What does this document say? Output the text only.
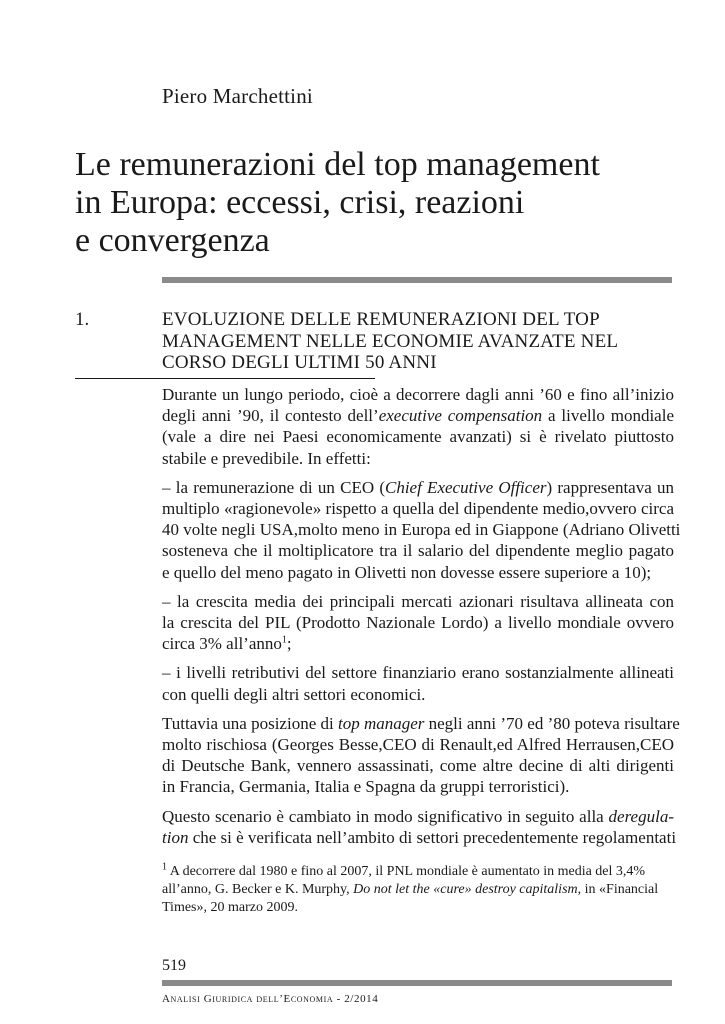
Piero Marchettini
Le remunerazioni del top management
in Europa: eccessi, crisi, reazioni
e convergenza
1.	EVOLUZIONE DELLE REMUNERAZIONI DEL TOP
MANAGEMENT NELLE ECONOMIE AVANZATE NEL
CORSO DEGLI ULTIMI 50 ANNI

Durante un lungo periodo, cioè a decorrere dagli anni ’60 e fino all’inizio
degli anni ’90, il contesto dell’executive compensation a livello mondiale
(vale a dire nei Paesi economicamente avanzati) si è rivelato piuttosto
stabile e prevedibile. In effetti:

– la remunerazione di un CEO (Chief Executive Officer) rappresentava un
multiplo «ragionevole» rispetto a quella del dipendente medio,ovvero circa
40 volte negli USA,molto meno in Europa ed in Giappone (Adriano Olivetti
sosteneva che il moltiplicatore tra il salario del dipendente meglio pagato
e quello del meno pagato in Olivetti non dovesse essere superiore a 10);

– la crescita media dei principali mercati azionari risultava allineata con
la crescita del PIL (Prodotto Nazionale Lordo) a livello mondiale ovvero
circa 3% all’anno$^1$;

– i livelli retributivi del settore finanziario erano sostanzialmente allineati
con quelli degli altri settori economici.

Tuttavia una posizione di top manager negli anni ’70 ed ’80 poteva risultare
molto rischiosa (Georges Besse,CEO di Renault,ed Alfred Herrausen,CEO
di Deutsche Bank, vennero assassinati, come altre decine di alti dirigenti
in Francia, Germania, Italia e Spagna da gruppi terroristici).

Questo scenario è cambiato in modo significativo in seguito alla deregula-
tion che si è verificata nell’ambito di settori precedentemente regolamentati

$^1$ A decorrere dal 1980 e fino al 2007, il PNL mondiale è aumentato in media del 3,4%
all’anno, G. Becker e K. Murphy, Do not let the «cure» destroy capitalism, in «Financial
Times», 20 marzo 2009.
519
Analisi Giuridica dell’Economia - 2/2014
